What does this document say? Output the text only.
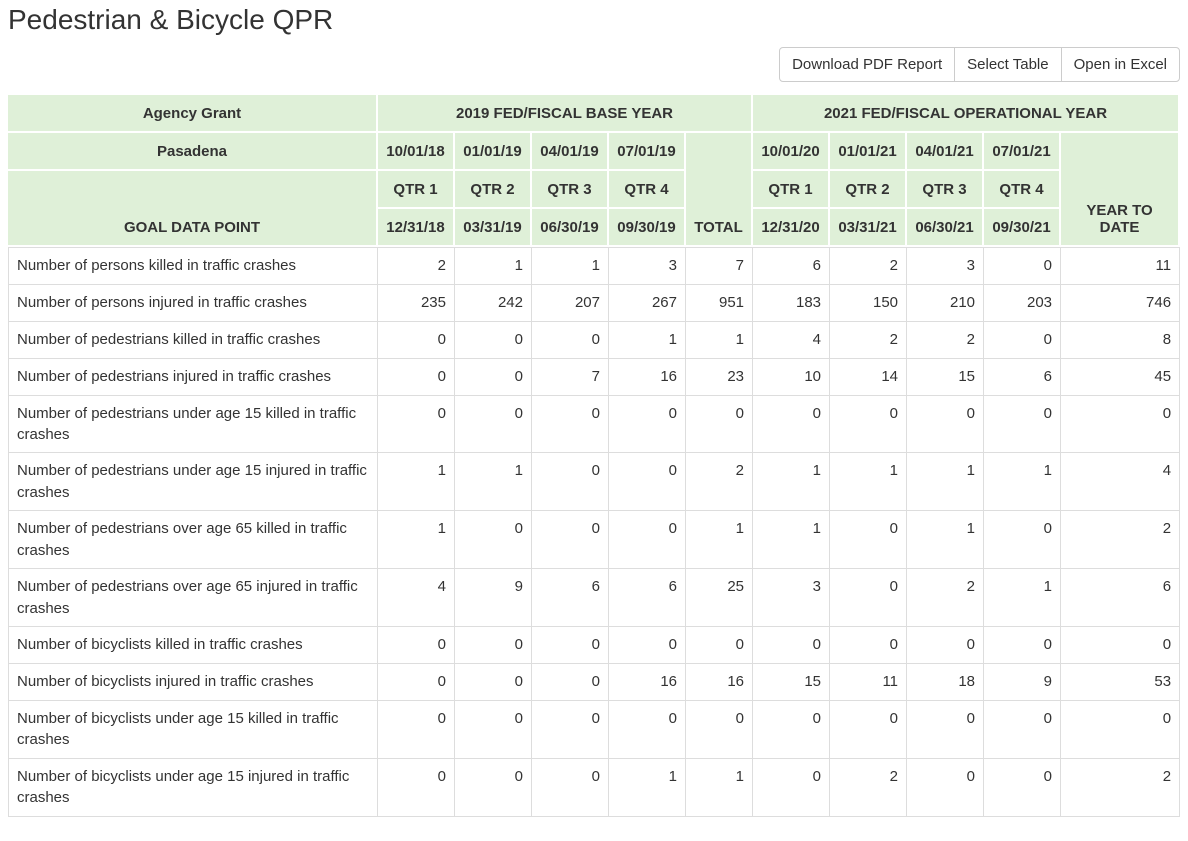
Pedestrian & Bicycle QPR
Download PDF Report	Select Table	Open in Excel
Agency Grant	2019 FED/FISCAL BASE YEAR					2021 FED/FISCAL OPERATIONAL YEAR				
Pasadena	10/01/18	01/01/19	04/01/19	07/01/19	TOTAL	10/01/20	01/01/21	04/01/21	07/01/21	YEAR TO DATE
GOAL DATA POINT	QTR 1	QTR 2	QTR 3	QTR 4		QTR 1	QTR 2	QTR 3	QTR 4	
	12/31/18	03/31/19	06/30/19	09/30/19		12/31/20	03/31/21	06/30/21	09/30/21	
Number of persons killed in traffic crashes	2	1	1	3	7	6	2	3	0	11
Number of persons injured in traffic crashes	235	242	207	267	951	183	150	210	203	746
Number of pedestrians killed in traffic crashes	0	0	0	1	1	4	2	2	0	8
Number of pedestrians injured in traffic crashes	0	0	7	16	23	10	14	15	6	45
Number of pedestrians under age 15 killed in traffic crashes	0	0	0	0	0	0	0	0	0	0
Number of pedestrians under age 15 injured in traffic crashes	1	1	0	0	2	1	1	1	1	4
Number of pedestrians over age 65 killed in traffic crashes	1	0	0	0	1	1	0	1	0	2
Number of pedestrians over age 65 injured in traffic crashes	4	9	6	6	25	3	0	2	1	6
Number of bicyclists killed in traffic crashes	0	0	0	0	0	0	0	0	0	0
Number of bicyclists injured in traffic crashes	0	0	0	16	16	15	11	18	9	53
Number of bicyclists under age 15 killed in traffic crashes	0	0	0	0	0	0	0	0	0	0
Number of bicyclists under age 15 injured in traffic crashes	0	0	0	1	1	0	2	0	0	2
